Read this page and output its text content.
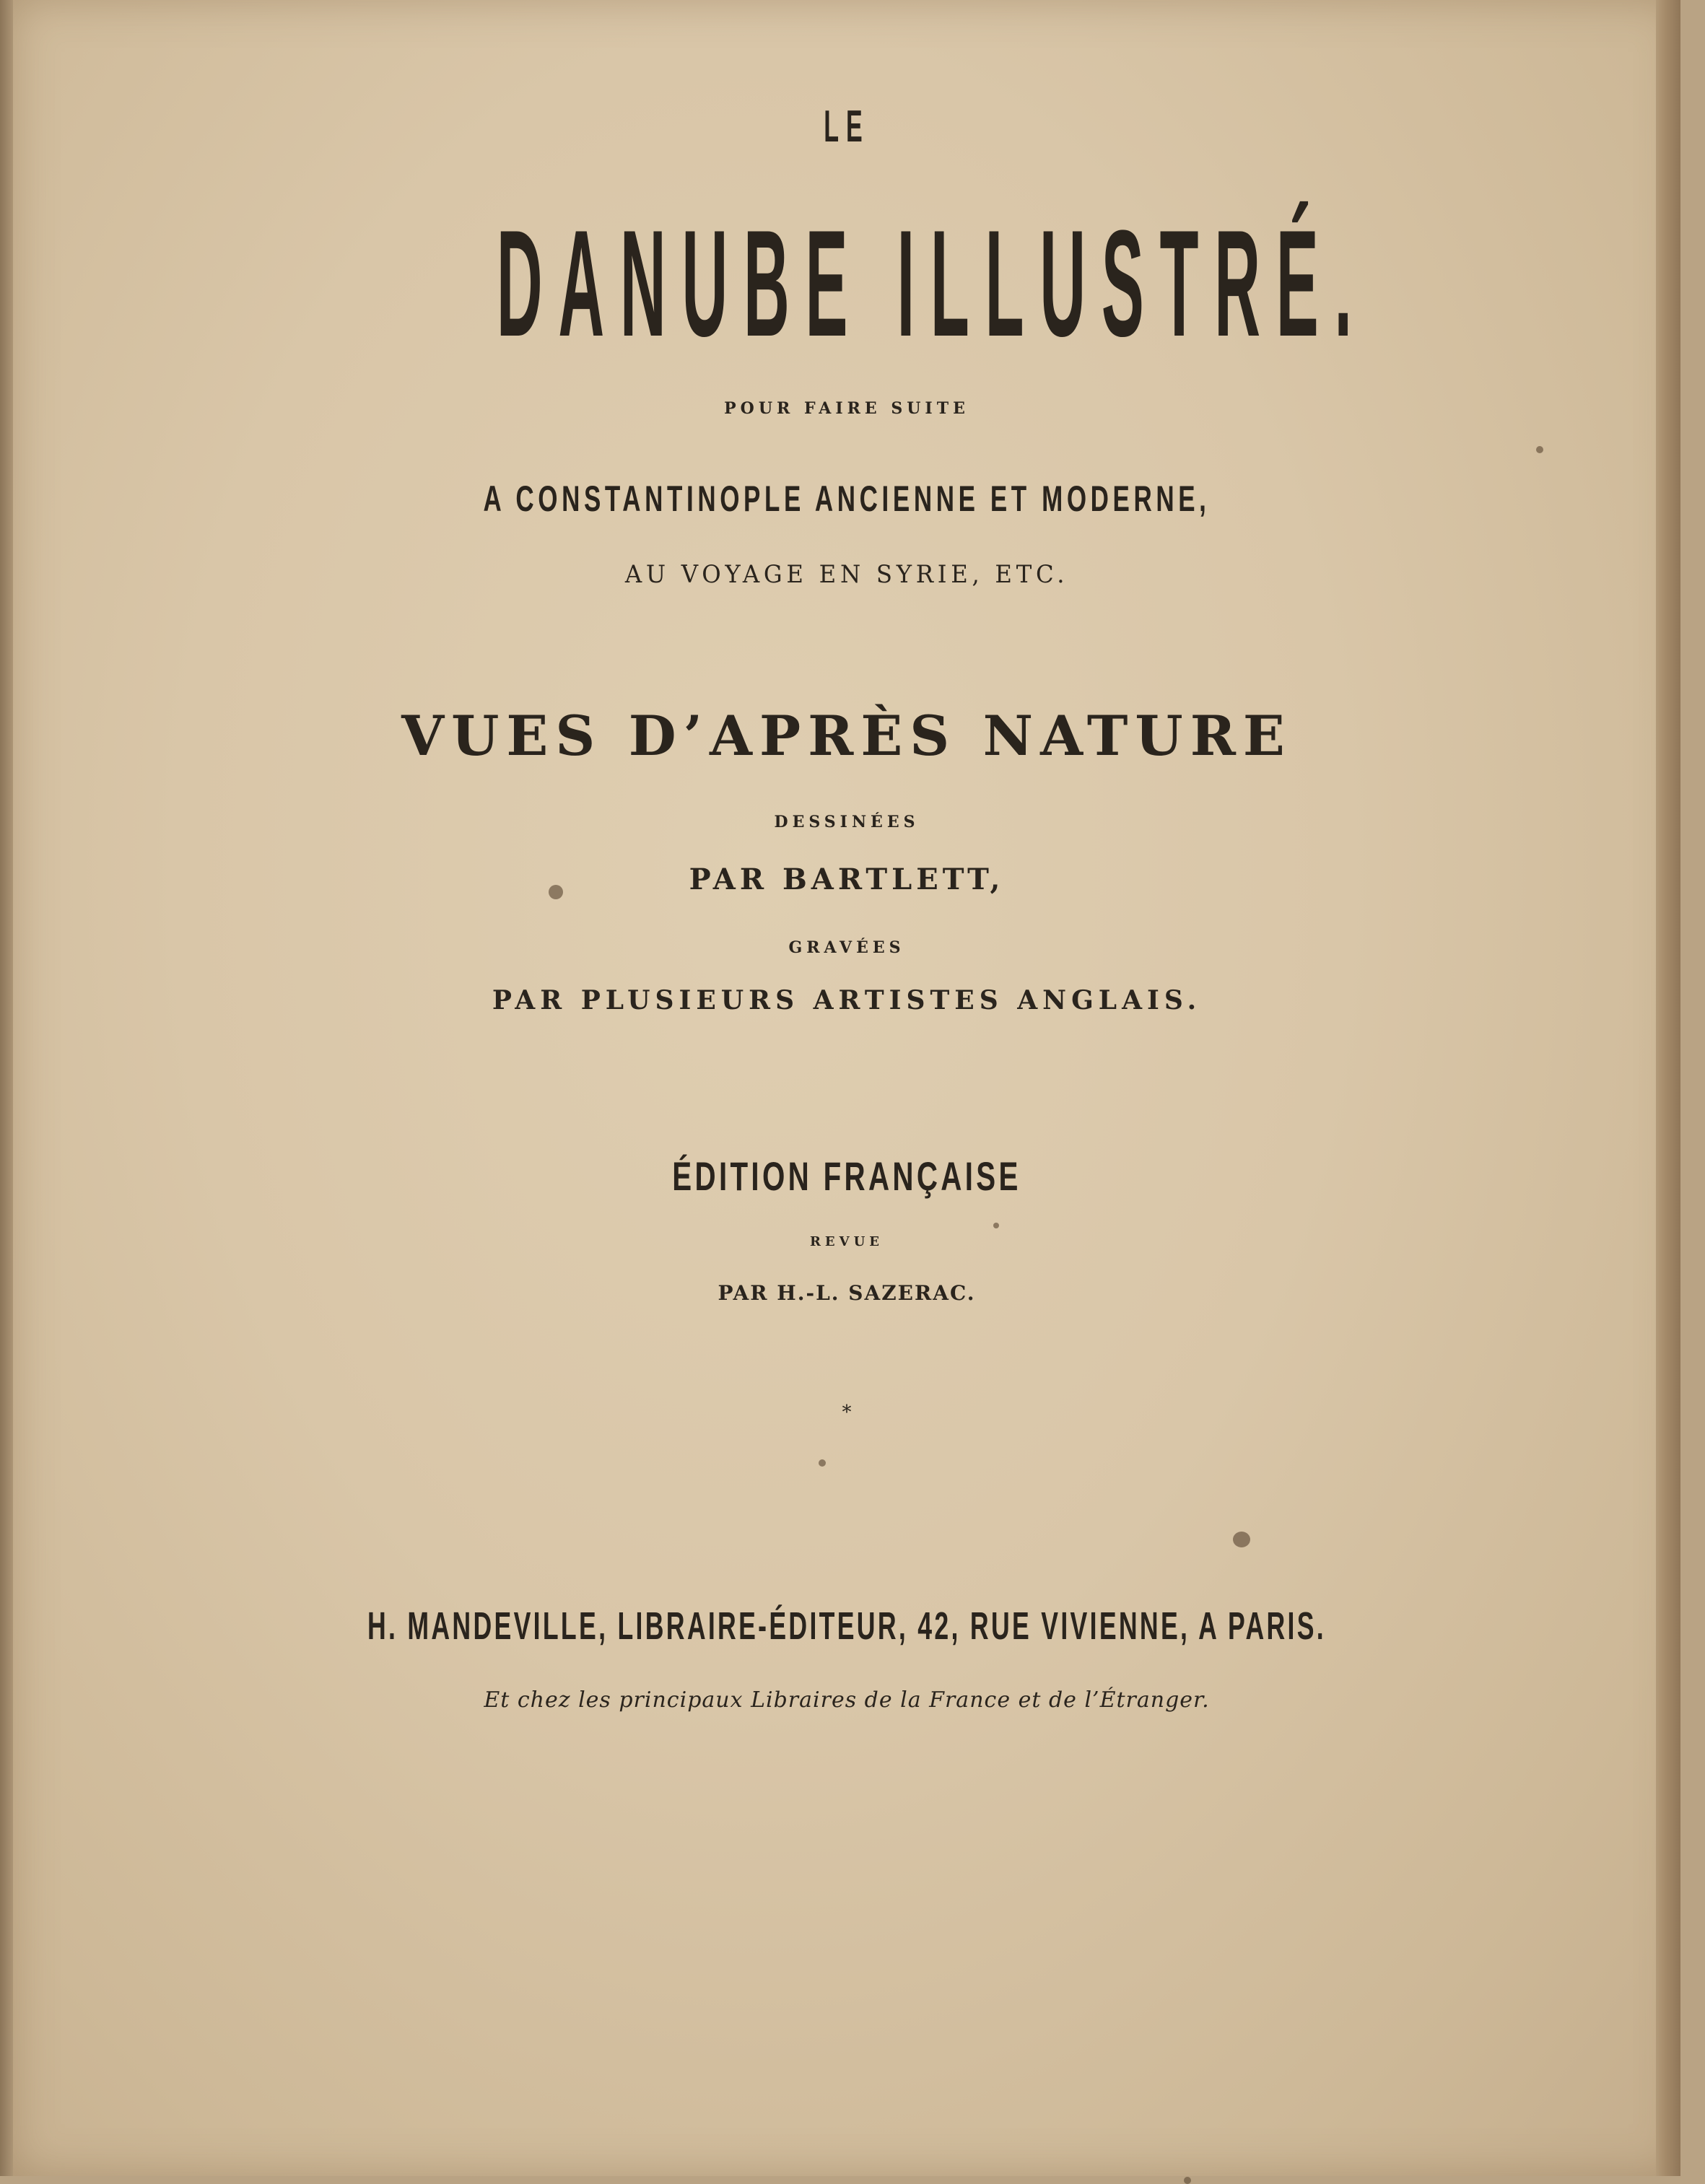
LE
DANUBE ILLUSTRÉ.
POUR FAIRE SUITE
A CONSTANTINOPLE ANCIENNE ET MODERNE,
AU VOYAGE EN SYRIE, ETC.
VUES D’APRÈS NATURE
DESSINÉES
PAR BARTLETT,
GRAVÉES
PAR PLUSIEURS ARTISTES ANGLAIS.
ÉDITION FRANÇAISE
REVUE
PAR H.-L. SAZERAC.
*
H. MANDEVILLE, LIBRAIRE-ÉDITEUR, 42, RUE VIVIENNE, A PARIS.
Et chez les principaux Libraires de la France et de l’Étranger.
